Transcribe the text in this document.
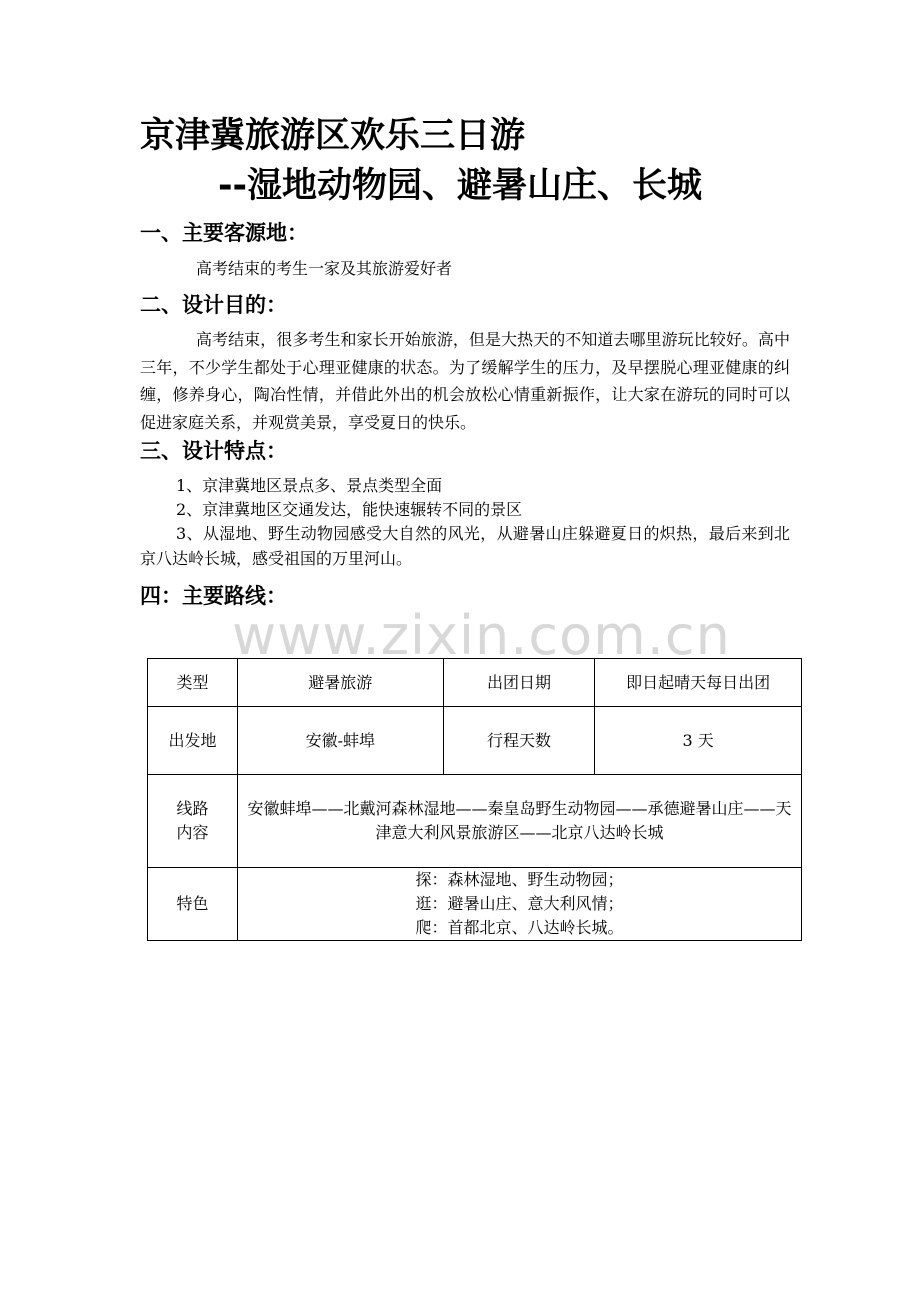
京津冀旅游区欢乐三日游
--湿地动物园、避暑山庄、长城
一、主要客源地：
高考结束的考生一家及其旅游爱好者
二、设计目的：

高考结束，很多考生和家长开始旅游，但是大热天的不知道去哪里游玩比较好。高中三年，不少学生都处于心理亚健康的状态。为了缓解学生的压力，及早摆脱心理亚健康的纠缠，修养身心，陶冶性情，并借此外出的机会放松心情重新振作，让大家在游玩的同时可以促进家庭关系，并观赏美景，享受夏日的快乐。

三、设计特点：
1、京津冀地区景点多、景点类型全面
2、京津冀地区交通发达，能快速辗转不同的景区

3、从湿地、野生动物园感受大自然的风光，从避暑山庄躲避夏日的炽热，最后来到北京八达岭长城，感受祖国的万里河山。

四：主要路线：
www.zixin.com.cn
类型	避暑旅游	出团日期	即日起晴天每日出团
出发地	安徽-蚌埠	行程天数	3 天
线路内容	安徽蚌埠——北戴河森林湿地——秦皇岛野生动物园——承德避暑山庄——天津意大利风景旅游区——北京八达岭长城		
特色	探：森林湿地、野生动物园；
逛：避暑山庄、意大利风情；
爬：首都北京、八达岭长城。		
